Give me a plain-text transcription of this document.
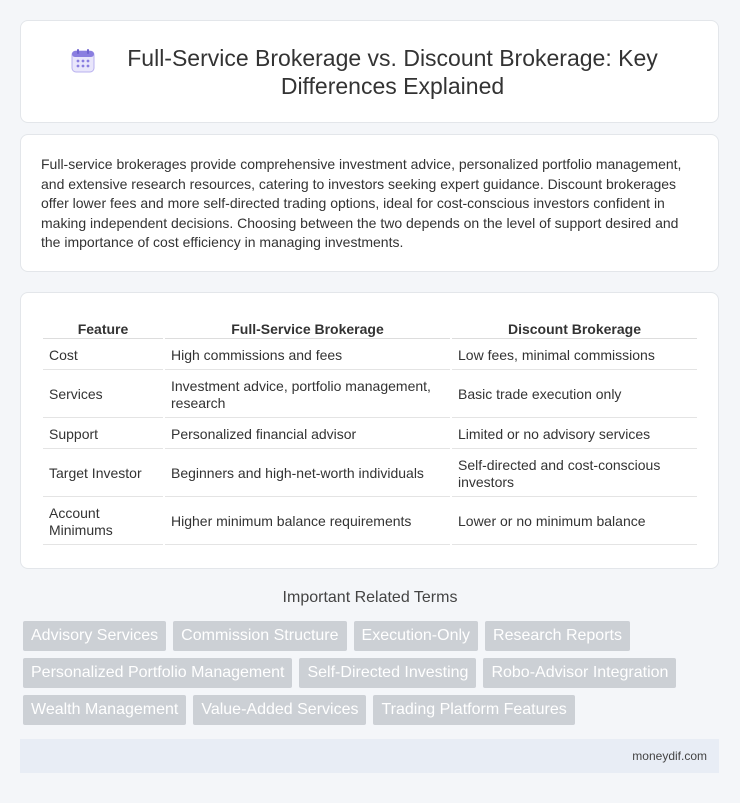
Full-Service Brokerage vs. Discount Brokerage: Key Differences Explained

Full-service brokerages provide comprehensive investment advice, personalized portfolio management, and extensive research resources, catering to investors seeking expert guidance. Discount brokerages offer lower fees and more self-directed trading options, ideal for cost-conscious investors confident in making independent decisions. Choosing between the two depends on the level of support desired and the importance of cost efficiency in managing investments.

Feature	Full-Service Brokerage	Discount Brokerage
Cost	High commissions and fees	Low fees, minimal commissions
Services	Investment advice, portfolio management, research	Basic trade execution only
Support	Personalized financial advisor	Limited or no advisory services
Target Investor	Beginners and high-net-worth individuals	Self-directed and cost-conscious investors
Account Minimums	Higher minimum balance requirements	Lower or no minimum balance
Important Related Terms
Advisory Services	Commission Structure	Execution-Only	Research Reports
Personalized Portfolio Management	Self-Directed Investing	Robo-Advisor Integration
Wealth Management	Value-Added Services	Trading Platform Features
moneydif.com
